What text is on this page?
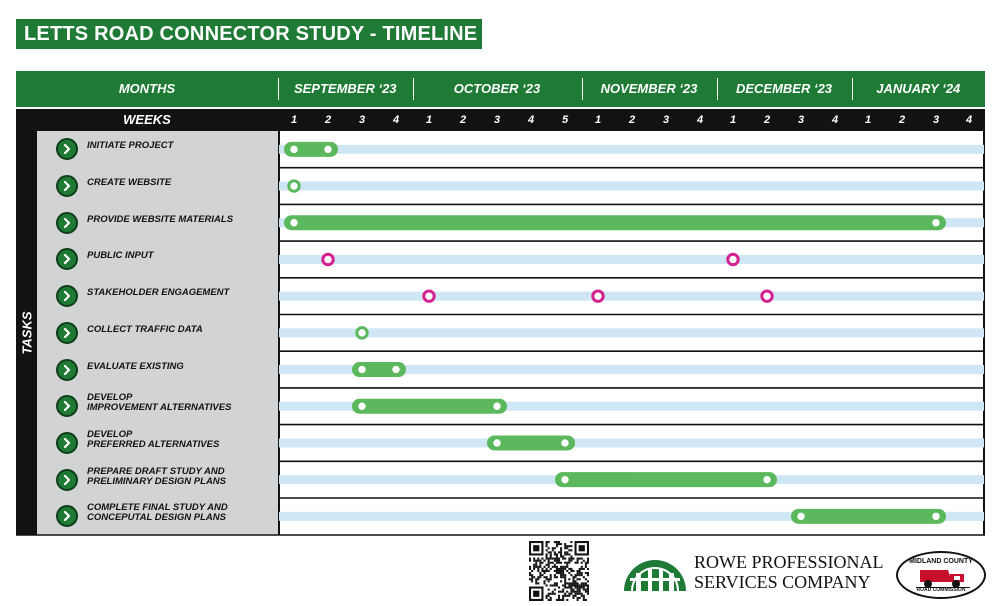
LETTS ROAD CONNECTOR STUDY - TIMELINE
MONTHS	SEPTEMBER ‘23	OCTOBER ‘23	NOVEMBER ‘23	DECEMBER ‘23	JANUARY ‘24
WEEKS	1	2	3	4	1	2	3	4	5	1	2	3	4	1	2	3	4	1	2	3	4
TASKS
INITIATE PROJECT
CREATE WEBSITE
PROVIDE WEBSITE MATERIALS
PUBLIC INPUT
STAKEHOLDER ENGAGEMENT
COLLECT TRAFFIC DATA
EVALUATE EXISTING
DEVELOP
IMPROVEMENT ALTERNATIVES
DEVELOP
PREFERRED ALTERNATIVES
PREPARE DRAFT STUDY AND
PRELIMINARY DESIGN PLANS
COMPLETE FINAL STUDY AND
CONCEPUTAL DESIGN PLANS
ROWE PROFESSIONAL
SERVICES COMPANY
MIDLAND COUNTY
ROAD COMMISSION
